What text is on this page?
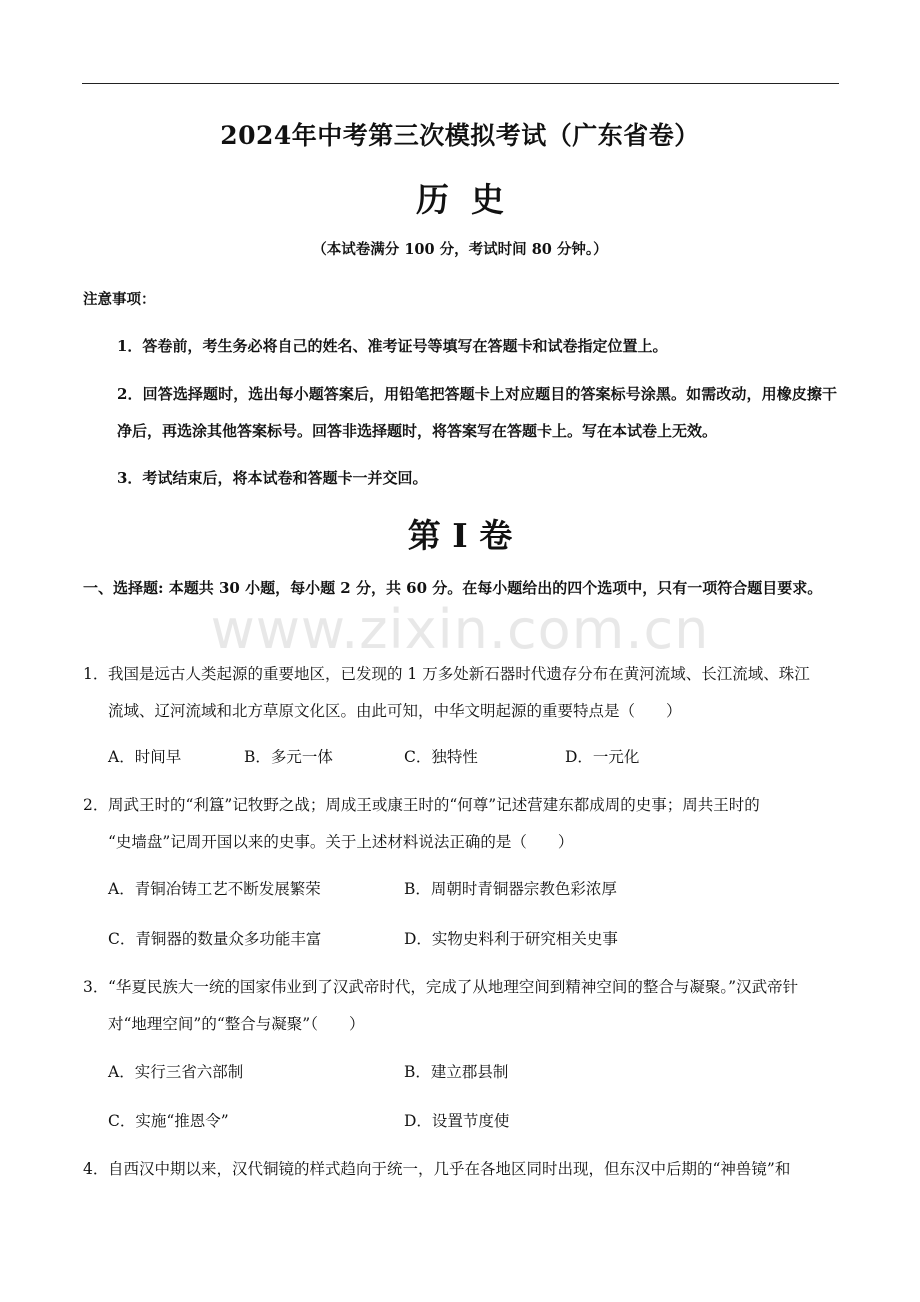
2024年中考第三次模拟考试（广东省卷）
历史
（本试卷满分 100 分，考试时间 80 分钟。）
注意事项：
1．答卷前，考生务必将自己的姓名、准考证号等填写在答题卡和试卷指定位置上。
2．回答选择题时，选出每小题答案后，用铅笔把答题卡上对应题目的答案标号涂黑。如需改动，用橡皮擦干净后，再选涂其他答案标号。回答非选择题时，将答案写在答题卡上。写在本试卷上无效。
3．考试结束后，将本试卷和答题卡一并交回。
第 I 卷
一、选择题: 本题共 30 小题，每小题 2 分，共 60 分。在每小题给出的四个选项中，只有一项符合题目要求。
www.zixin.com.cn
1．我国是远古人类起源的重要地区，已发现的 1 万多处新石器时代遗存分布在黄河流域、长江流域、珠江
流域、辽河流域和北方草原文化区。由此可知，中华文明起源的重要特点是（　　）
A．时间早	B．多元一体	C．独特性	D．一元化
2．周武王时的“利簋”记牧野之战；周成王或康王时的“何尊”记述营建东都成周的史事；周共王时的
“史墙盘”记周开国以来的史事。关于上述材料说法正确的是（　　）
A．青铜冶铸工艺不断发展繁荣	B．周朝时青铜器宗教色彩浓厚
C．青铜器的数量众多功能丰富	D．实物史料利于研究相关史事
3．“华夏民族大一统的国家伟业到了汉武帝时代，完成了从地理空间到精神空间的整合与凝聚。”汉武帝针
对“地理空间”的“整合与凝聚”（　　）
A．实行三省六部制	B．建立郡县制
C．实施“推恩令”	D．设置节度使
4．自西汉中期以来，汉代铜镜的样式趋向于统一，几乎在各地区同时出现，但东汉中后期的“神兽镜”和
